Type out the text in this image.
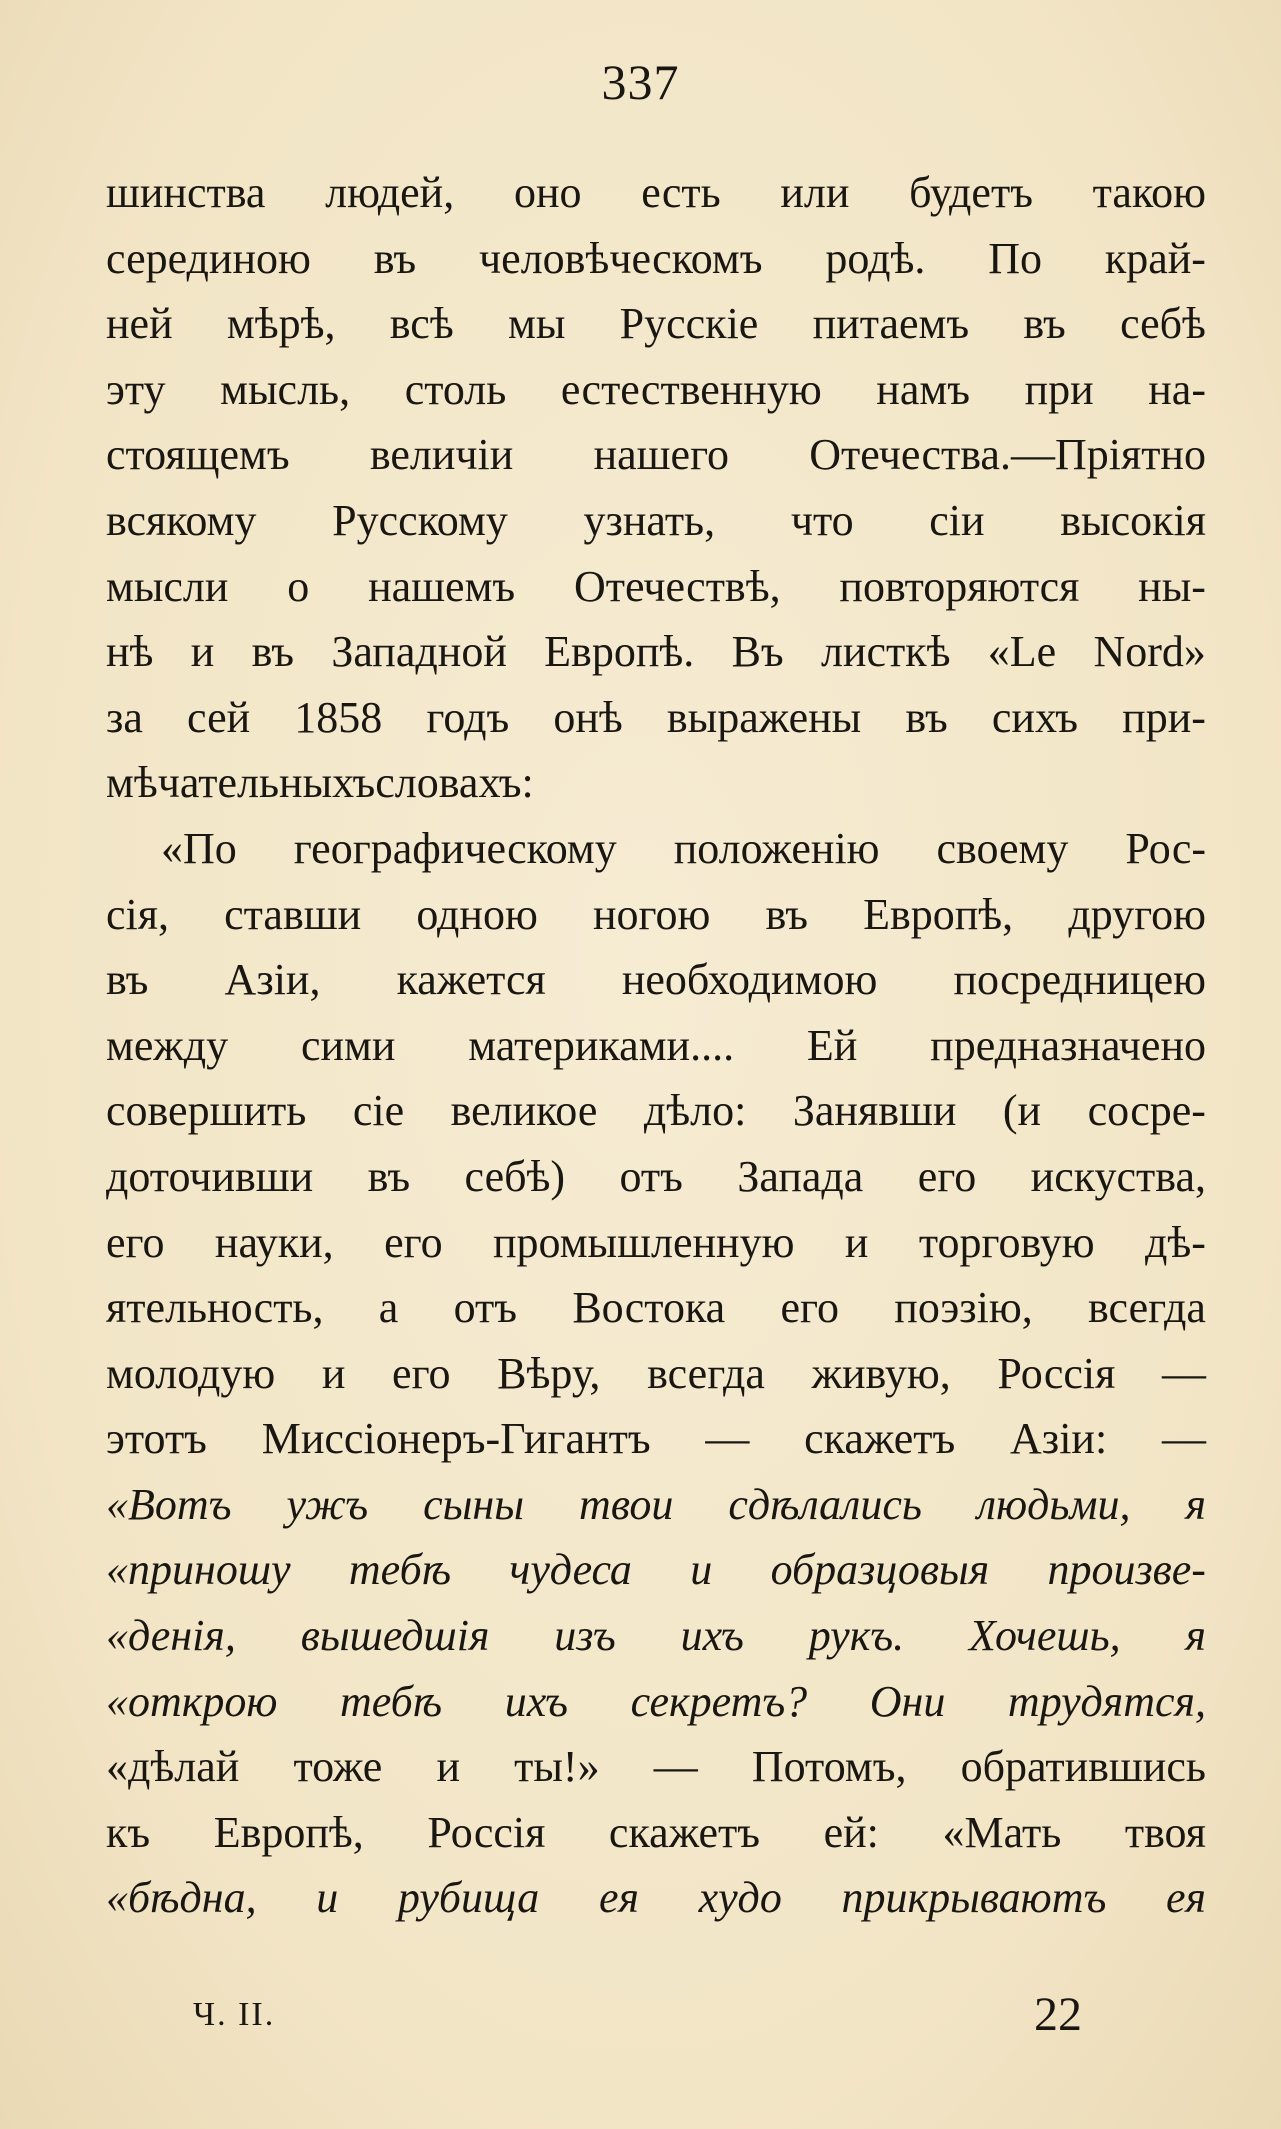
337
шинства людей, оно есть или будетъ такою
серединою въ человѣческомъ родѣ. По край-
ней мѣрѣ, всѣ мы Русскіе питаемъ въ себѣ
эту мысль, столь естественную намъ при на-
стоящемъ величіи нашего Отечества.—Пріятно
всякому Русскому узнать, что сіи высокія
мысли о нашемъ Отечествѣ, повторяются ны-
нѣ и въ Западной Европѣ. Въ листкѣ «Le Nord»
за сей 1858 годъ онѣ выражены въ сихъ при-
мѣчательныхъ словахъ:
«По географическому положенію своему Рос-
сія, ставши одною ногою въ Европѣ, другою
въ Азіи, кажется необходимою посредницею
между сими материками.... Ей предназначено
совершить сіе великое дѣло: Занявши (и сосре-
доточивши въ себѣ) отъ Запада его искуства,
его науки, его промышленную и торговую дѣ-
ятельность, а отъ Востока его поэзію, всегда
молодую и его Вѣру, всегда живую, Россія —
этотъ Миссіонеръ-Гигантъ — скажетъ Азіи: —
«Вотъ ужъ сыны твои сдѣлались людьми, я
«приношу тебѣ чудеса и образцовыя произве-
«денія, вышедшія изъ ихъ рукъ. Хочешь, я
«открою тебѣ ихъ секретъ? Они трудятся,
«дѣлай тоже и ты!» — Потомъ, обратившись
къ Европѣ, Россія скажетъ ей: «Мать твоя
«бѣдна, и рубища ея худо прикрываютъ ея
Ч. II.	22
